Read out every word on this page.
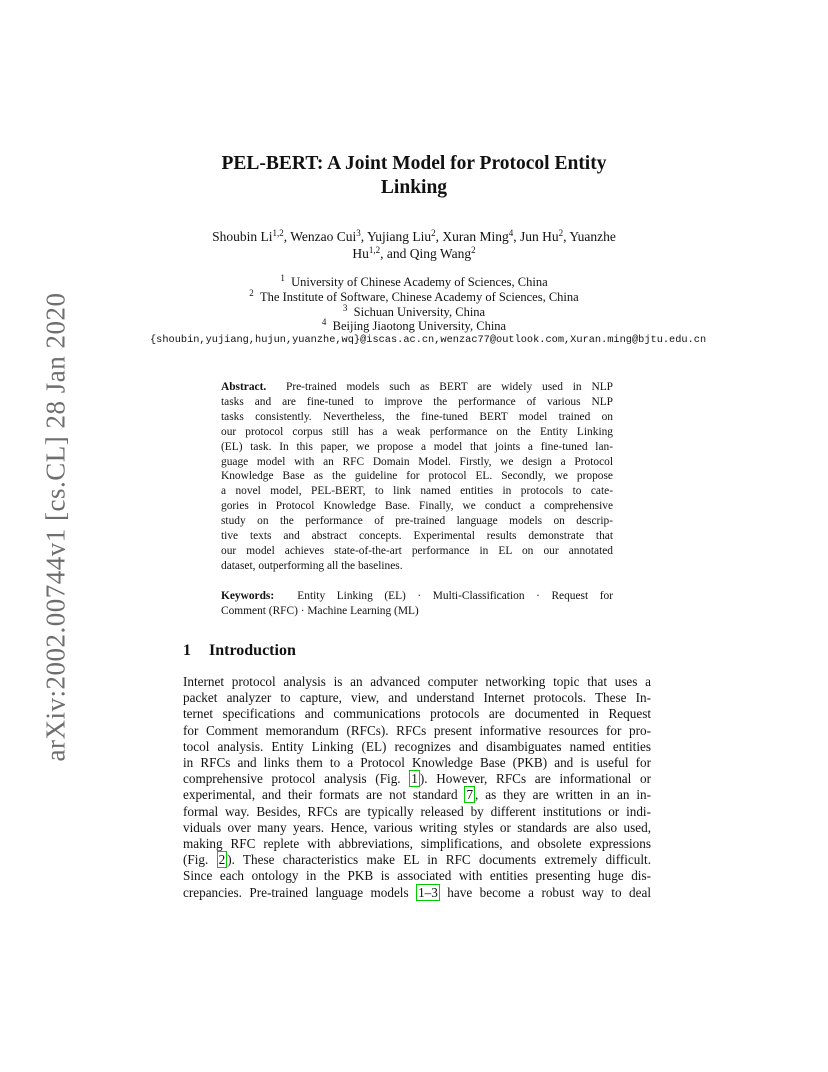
arXiv:2002.00744v1 [cs.CL] 28 Jan 2020
PEL-BERT: A Joint Model for Protocol Entity
Linking
Shoubin Li$^{1,2}$, Wenzao Cui$^3$, Yujiang Liu$^2$, Xuran Ming$^4$, Jun Hu$^2$, Yuanzhe
Hu$^{1,2}$, and Qing Wang$^2$
$^1$ University of Chinese Academy of Sciences, China
$^2$ The Institute of Software, Chinese Academy of Sciences, China
$^3$ Sichuan University, China
$^4$ Beijing Jiaotong University, China
{shoubin,yujiang,hujun,yuanzhe,wq}@iscas.ac.cn,wenzac77@outlook.com,Xuran.ming@bjtu.edu.cn
Abstract. Pre-trained models such as BERT are widely used in NLP
tasks and are fine-tuned to improve the performance of various NLP
tasks consistently. Nevertheless, the fine-tuned BERT model trained on
our protocol corpus still has a weak performance on the Entity Linking
(EL) task. In this paper, we propose a model that joints a fine-tuned lan-
guage model with an RFC Domain Model. Firstly, we design a Protocol
Knowledge Base as the guideline for protocol EL. Secondly, we propose
a novel model, PEL-BERT, to link named entities in protocols to cate-
gories in Protocol Knowledge Base. Finally, we conduct a comprehensive
study on the performance of pre-trained language models on descrip-
tive texts and abstract concepts. Experimental results demonstrate that
our model achieves state-of-the-art performance in EL on our annotated
dataset, outperforming all the baselines.
Keywords: Entity Linking (EL) · Multi-Classification · Request for
Comment (RFC) · Machine Learning (ML)
1 Introduction
Internet protocol analysis is an advanced computer networking topic that uses a
packet analyzer to capture, view, and understand Internet protocols. These In-
ternet specifications and communications protocols are documented in Request
for Comment memorandum (RFCs). RFCs present informative resources for pro-
tocol analysis. Entity Linking (EL) recognizes and disambiguates named entities
in RFCs and links them to a Protocol Knowledge Base (PKB) and is useful for
comprehensive protocol analysis (Fig. 1 ). However, RFCs are informational or
experimental, and their formats are not standard 7 , as they are written in an in-
formal way. Besides, RFCs are typically released by different institutions or indi-
viduals over many years. Hence, various writing styles or standards are also used,
making RFC replete with abbreviations, simplifications, and obsolete expressions
(Fig. 2 ). These characteristics make EL in RFC documents extremely difficult.
Since each ontology in the PKB is associated with entities presenting huge dis-
crepancies. Pre-trained language models 1–3 have become a robust way to deal
